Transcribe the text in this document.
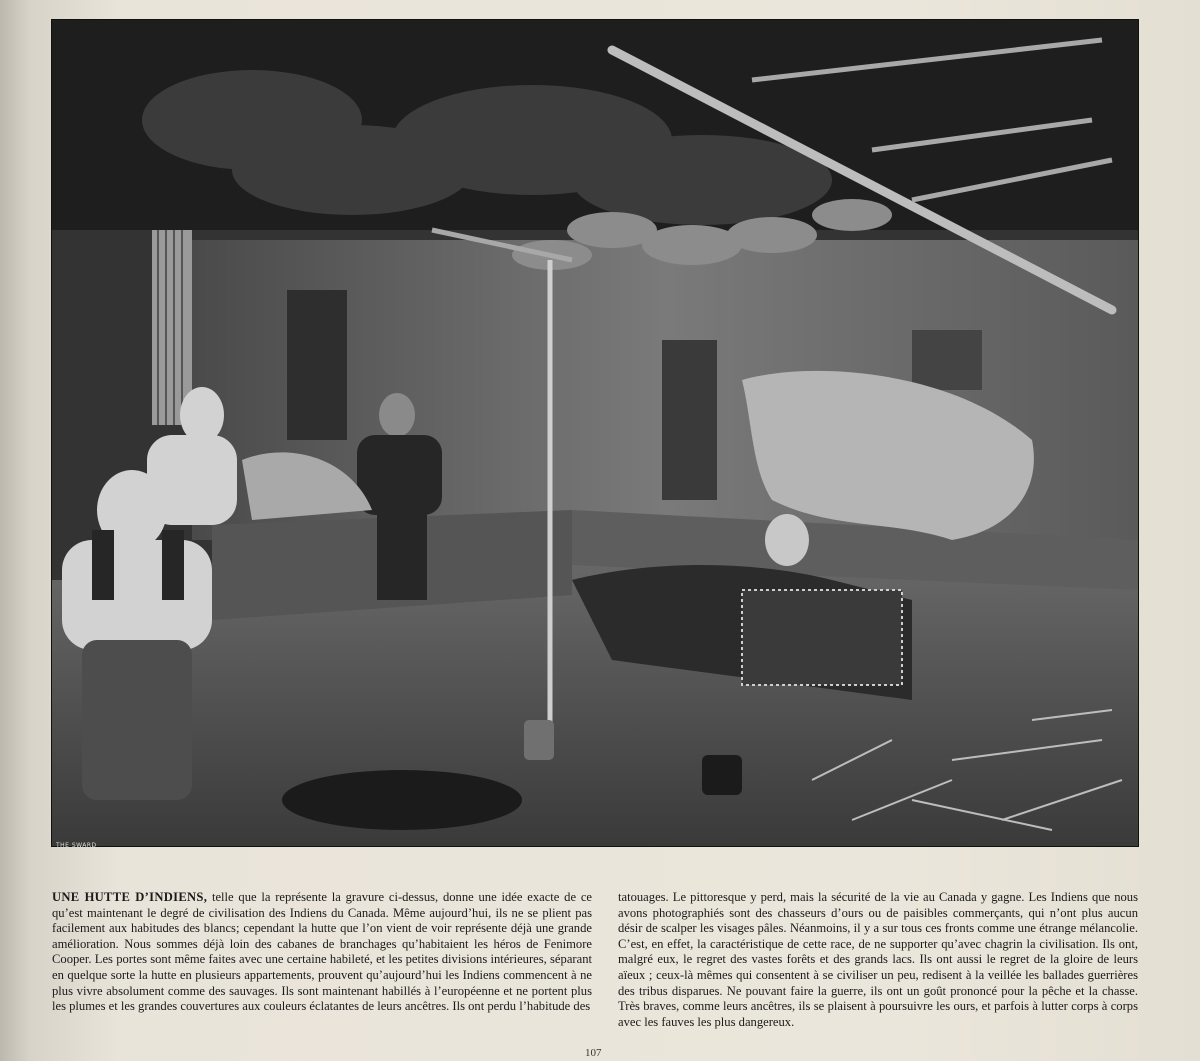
THE SWARD
UNE HUTTE D’INDIENS, telle que la représente la gravure ci-dessus, donne une idée exacte de ce qu’est maintenant le degré de civilisation des Indiens du Canada. Même aujourd’hui, ils ne se plient pas facilement aux habitudes des blancs; cependant la hutte que l’on vient de voir représente déjà une grande amélioration. Nous sommes déjà loin des cabanes de branchages qu’habitaient les héros de Fenimore Cooper. Les portes sont même faites avec une certaine habileté, et les petites divisions intérieures, séparant en quelque sorte la hutte en plusieurs appartements, prouvent qu’aujourd’hui les Indiens commencent à ne plus vivre absolument comme des sauvages. Ils sont maintenant habillés à l’européenne et ne portent plus les plumes et les grandes couvertures aux couleurs éclatantes de leurs ancêtres. Ils ont perdu l’habitude des
tatouages. Le pittoresque y perd, mais la sécurité de la vie au Canada y gagne. Les Indiens que nous avons photographiés sont des chasseurs d’ours ou de paisibles commerçants, qui n’ont plus aucun désir de scalper les visages pâles. Néanmoins, il y a sur tous ces fronts comme une étrange mélancolie. C’est, en effet, la caractéristique de cette race, de ne supporter qu’avec chagrin la civilisation. Ils ont, malgré eux, le regret des vastes forêts et des grands lacs. Ils ont aussi le regret de la gloire de leurs aïeux ; ceux-là mêmes qui consentent à se civiliser un peu, redisent à la veillée les ballades guerrières des tribus disparues. Ne pouvant faire la guerre, ils ont un goût prononcé pour la pêche et la chasse. Très braves, comme leurs ancêtres, ils se plaisent à poursuivre les ours, et parfois à lutter corps à corps avec les fauves les plus dangereux.
107
